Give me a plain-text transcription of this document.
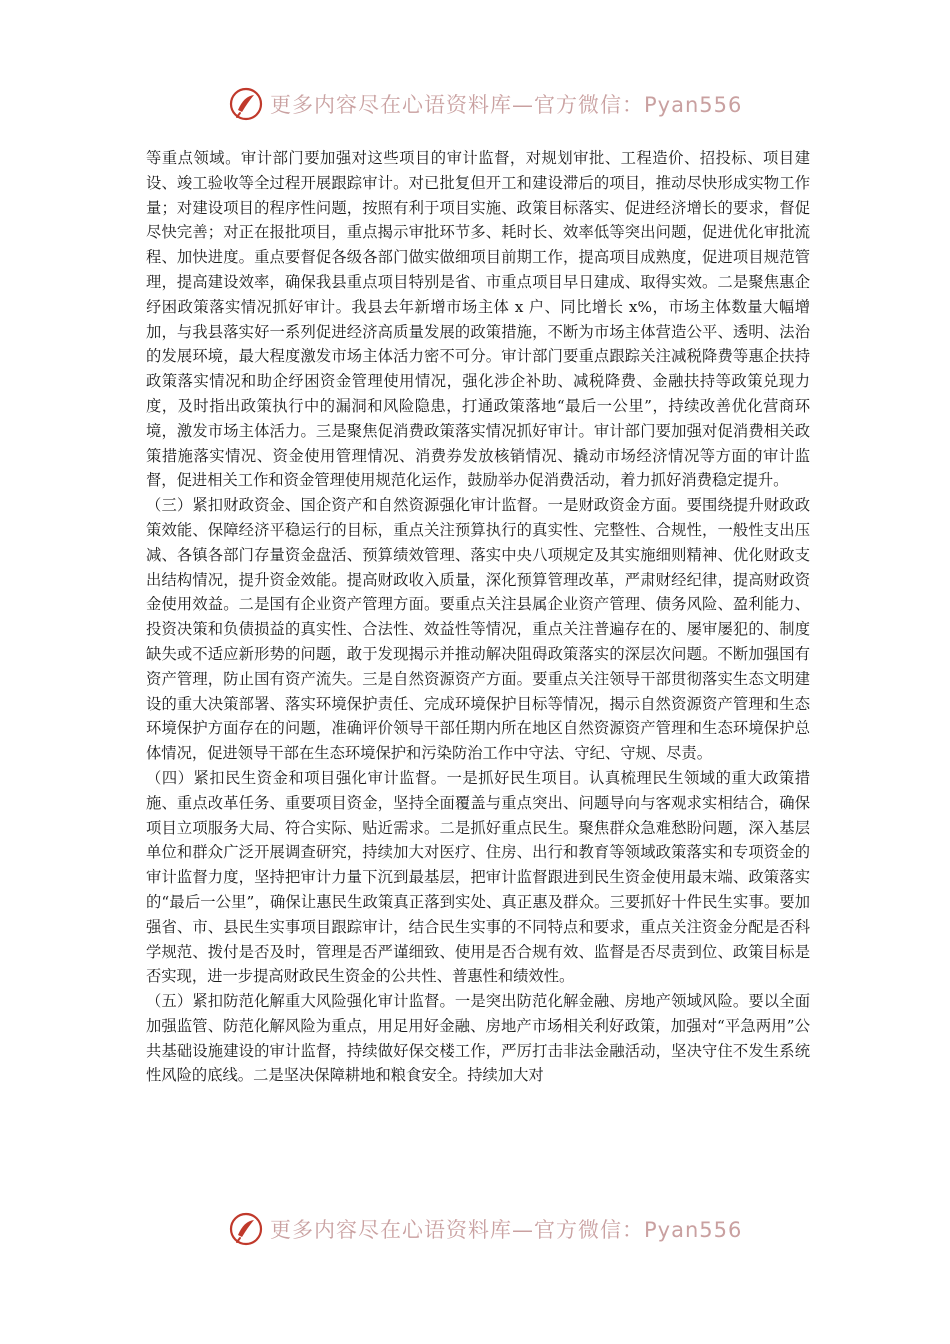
更多内容尽在心语资料库—官方微信：Pyan556

等重点领域。审计部门要加强对这些项目的审计监督，对规划审批、工程造价、招投标、项目建设、竣工验收等全过程开展跟踪审计。对已批复但开工和建设滞后的项目，推动尽快形成实物工作量；对建设项目的程序性问题，按照有利于项目实施、政策目标落实、促进经济增长的要求，督促尽快完善；对正在报批项目，重点揭示审批环节多、耗时长、效率低等突出问题，促进优化审批流程、加快进度。重点要督促各级各部门做实做细项目前期工作，提高项目成熟度，促进项目规范管理，提高建设效率，确保我县重点项目特别是省、市重点项目早日建成、取得实效。二是聚焦惠企纾困政策落实情况抓好审计。我县去年新增市场主体 x 户、同比增长 x%，市场主体数量大幅增加，与我县落实好一系列促进经济高质量发展的政策措施，不断为市场主体营造公平、透明、法治的发展环境，最大程度激发市场主体活力密不可分。审计部门要重点跟踪关注减税降费等惠企扶持政策落实情况和助企纾困资金管理使用情况，强化涉企补助、减税降费、金融扶持等政策兑现力度，及时指出政策执行中的漏洞和风险隐患，打通政策落地“最后一公里”，持续改善优化营商环境，激发市场主体活力。三是聚焦促消费政策落实情况抓好审计。审计部门要加强对促消费相关政策措施落实情况、资金使用管理情况、消费券发放核销情况、撬动市场经济情况等方面的审计监督，促进相关工作和资金管理使用规范化运作，鼓励举办促消费活动，着力抓好消费稳定提升。

（三）紧扣财政资金、国企资产和自然资源强化审计监督。一是财政资金方面。要围绕提升财政政策效能、保障经济平稳运行的目标，重点关注预算执行的真实性、完整性、合规性，一般性支出压减、各镇各部门存量资金盘活、预算绩效管理、落实中央八项规定及其实施细则精神、优化财政支出结构情况，提升资金效能。提高财政收入质量，深化预算管理改革，严肃财经纪律，提高财政资金使用效益。二是国有企业资产管理方面。要重点关注县属企业资产管理、债务风险、盈利能力、投资决策和负债损益的真实性、合法性、效益性等情况，重点关注普遍存在的、屡审屡犯的、制度缺失或不适应新形势的问题，敢于发现揭示并推动解决阻碍政策落实的深层次问题。不断加强国有资产管理，防止国有资产流失。三是自然资源资产方面。要重点关注领导干部贯彻落实生态文明建设的重大决策部署、落实环境保护责任、完成环境保护目标等情况，揭示自然资源资产管理和生态环境保护方面存在的问题，准确评价领导干部任期内所在地区自然资源资产管理和生态环境保护总体情况，促进领导干部在生态环境保护和污染防治工作中守法、守纪、守规、尽责。

（四）紧扣民生资金和项目强化审计监督。一是抓好民生项目。认真梳理民生领域的重大政策措施、重点改革任务、重要项目资金，坚持全面覆盖与重点突出、问题导向与客观求实相结合，确保项目立项服务大局、符合实际、贴近需求。二是抓好重点民生。聚焦群众急难愁盼问题，深入基层单位和群众广泛开展调查研究，持续加大对医疗、住房、出行和教育等领域政策落实和专项资金的审计监督力度，坚持把审计力量下沉到最基层，把审计监督跟进到民生资金使用最末端、政策落实的“最后一公里”，确保让惠民生政策真正落到实处、真正惠及群众。三要抓好十件民生实事。要加强省、市、县民生实事项目跟踪审计，结合民生实事的不同特点和要求，重点关注资金分配是否科学规范、拨付是否及时，管理是否严谨细致、使用是否合规有效、监督是否尽责到位、政策目标是否实现，进一步提高财政民生资金的公共性、普惠性和绩效性。

（五）紧扣防范化解重大风险强化审计监督。一是突出防范化解金融、房地产领域风险。要以全面加强监管、防范化解风险为重点，用足用好金融、房地产市场相关利好政策，加强对“平急两用”公共基础设施建设的审计监督，持续做好保交楼工作，严厉打击非法金融活动，坚决守住不发生系统性风险的底线。二是坚决保障耕地和粮食安全。持续加大对

更多内容尽在心语资料库—官方微信：Pyan556
